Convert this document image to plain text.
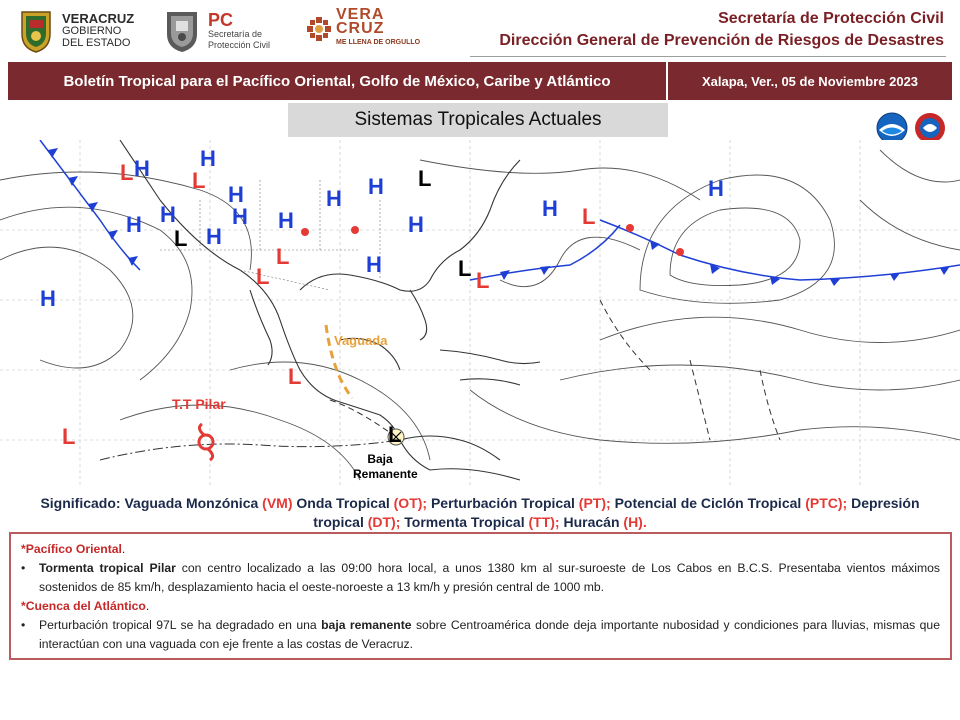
VERACRUZ
GOBIERNO
DEL ESTADO
PC
Secretaría de
Protección Civil
VERA
CRUZ
ME LLENA DE ORGULLO
Secretaría de Protección Civil
Dirección General de Prevención de Riesgos de Desastres
Boletín Tropical para el Pacífico Oriental, Golfo de México, Caribe y Atlántico	Xalapa, Ver., 05 de Noviembre 2023
Sistemas Tropicales Actuales
H
H
H
H
H	H
H H
H H
H
H
H
H
H
L	L
L
L
L
L
L
L
L
L
L
L
T.T Pilar
Vaguada
Baja
Remanente
Significado: Vaguada Monzónica (VM) Onda Tropical (OT); Perturbación Tropical (PT); Potencial de Ciclón Tropical (PTC); Depresión tropical (DT); Tormenta Tropical (TT); Huracán (H).
*Pacífico Oriental.
•	Tormenta tropical Pilar con centro localizado a las 09:00 hora local, a unos 1380 km al sur-suroeste de Los Cabos en B.C.S. Presentaba vientos máximos sostenidos de 85 km/h, desplazamiento hacia el oeste-noroeste a 13 km/h y presión central de 1000 mb.
*Cuenca del Atlántico.
•	Perturbación tropical 97L se ha degradado en una baja remanente sobre Centroamérica donde deja importante nubosidad y condiciones para lluvias, mismas que interactúan con una vaguada con eje frente a las costas de Veracruz.
